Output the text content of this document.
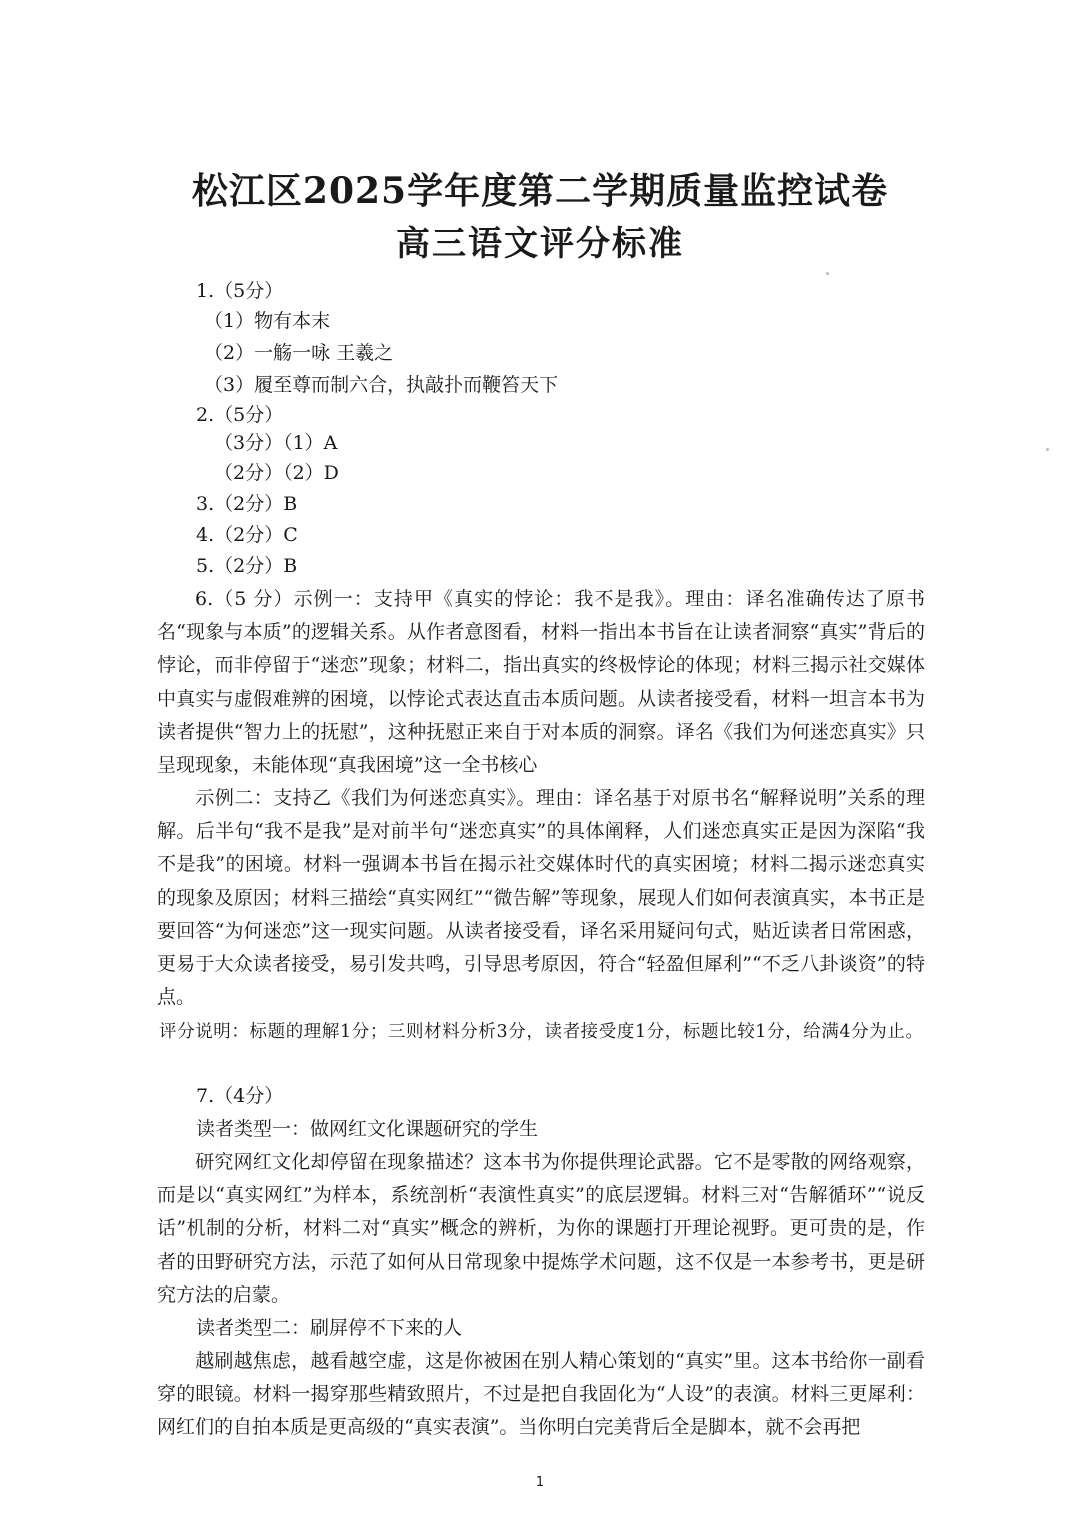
松江区2025学年度第二学期质量监控试卷
高三语文评分标准
1.（5分）
（1）物有本末
（2）一觞一咏 王羲之
（3）履至尊而制六合，执敲扑而鞭笞天下
2.（5分）
（3分）（1）A
（2分）（2）D
3.（2分）B
4.（2分）C
5.（2分）B
6.（5 分）示例一：支持甲《真实的悖论：我不是我》。理由：译名准确传达了原书名“现象与本质”的逻辑关系。从作者意图看，材料一指出本书旨在让读者洞察“真实”背后的悖论，而非停留于“迷恋”现象；材料二，指出真实的终极悖论的体现；材料三揭示社交媒体中真实与虚假难辨的困境，以悖论式表达直击本质问题。从读者接受看，材料一坦言本书为读者提供“智力上的抚慰”，这种抚慰正来自于对本质的洞察。译名《我们为何迷恋真实》只呈现现象，未能体现“真我困境”这一全书核心
示例二：支持乙《我们为何迷恋真实》。理由：译名基于对原书名“解释说明”关系的理解。后半句“我不是我”是对前半句“迷恋真实”的具体阐释，人们迷恋真实正是因为深陷“我不是我”的困境。材料一强调本书旨在揭示社交媒体时代的真实困境；材料二揭示迷恋真实的现象及原因；材料三描绘“真实网红”“微告解”等现象，展现人们如何表演真实，本书正是要回答“为何迷恋”这一现实问题。从读者接受看，译名采用疑问句式，贴近读者日常困惑，更易于大众读者接受，易引发共鸣，引导思考原因，符合“轻盈但犀利”“不乏八卦谈资”的特点。
评分说明：标题的理解1分；三则材料分析3分，读者接受度1分，标题比较1分，给满4分为止。
7.（4分）
读者类型一：做网红文化课题研究的学生
研究网红文化却停留在现象描述？这本书为你提供理论武器。它不是零散的网络观察，而是以“真实网红”为样本，系统剖析“表演性真实”的底层逻辑。材料三对“告解循环”“说反话”机制的分析，材料二对“真实”概念的辨析，为你的课题打开理论视野。更可贵的是，作者的田野研究方法，示范了如何从日常现象中提炼学术问题，这不仅是一本参考书，更是研究方法的启蒙。
读者类型二：刷屏停不下来的人
越刷越焦虑，越看越空虚，这是你被困在别人精心策划的“真实”里。这本书给你一副看穿的眼镜。材料一揭穿那些精致照片，不过是把自我固化为“人设”的表演。材料三更犀利：网红们的自拍本质是更高级的“真实表演”。当你明白完美背后全是脚本，就不会再把
1
